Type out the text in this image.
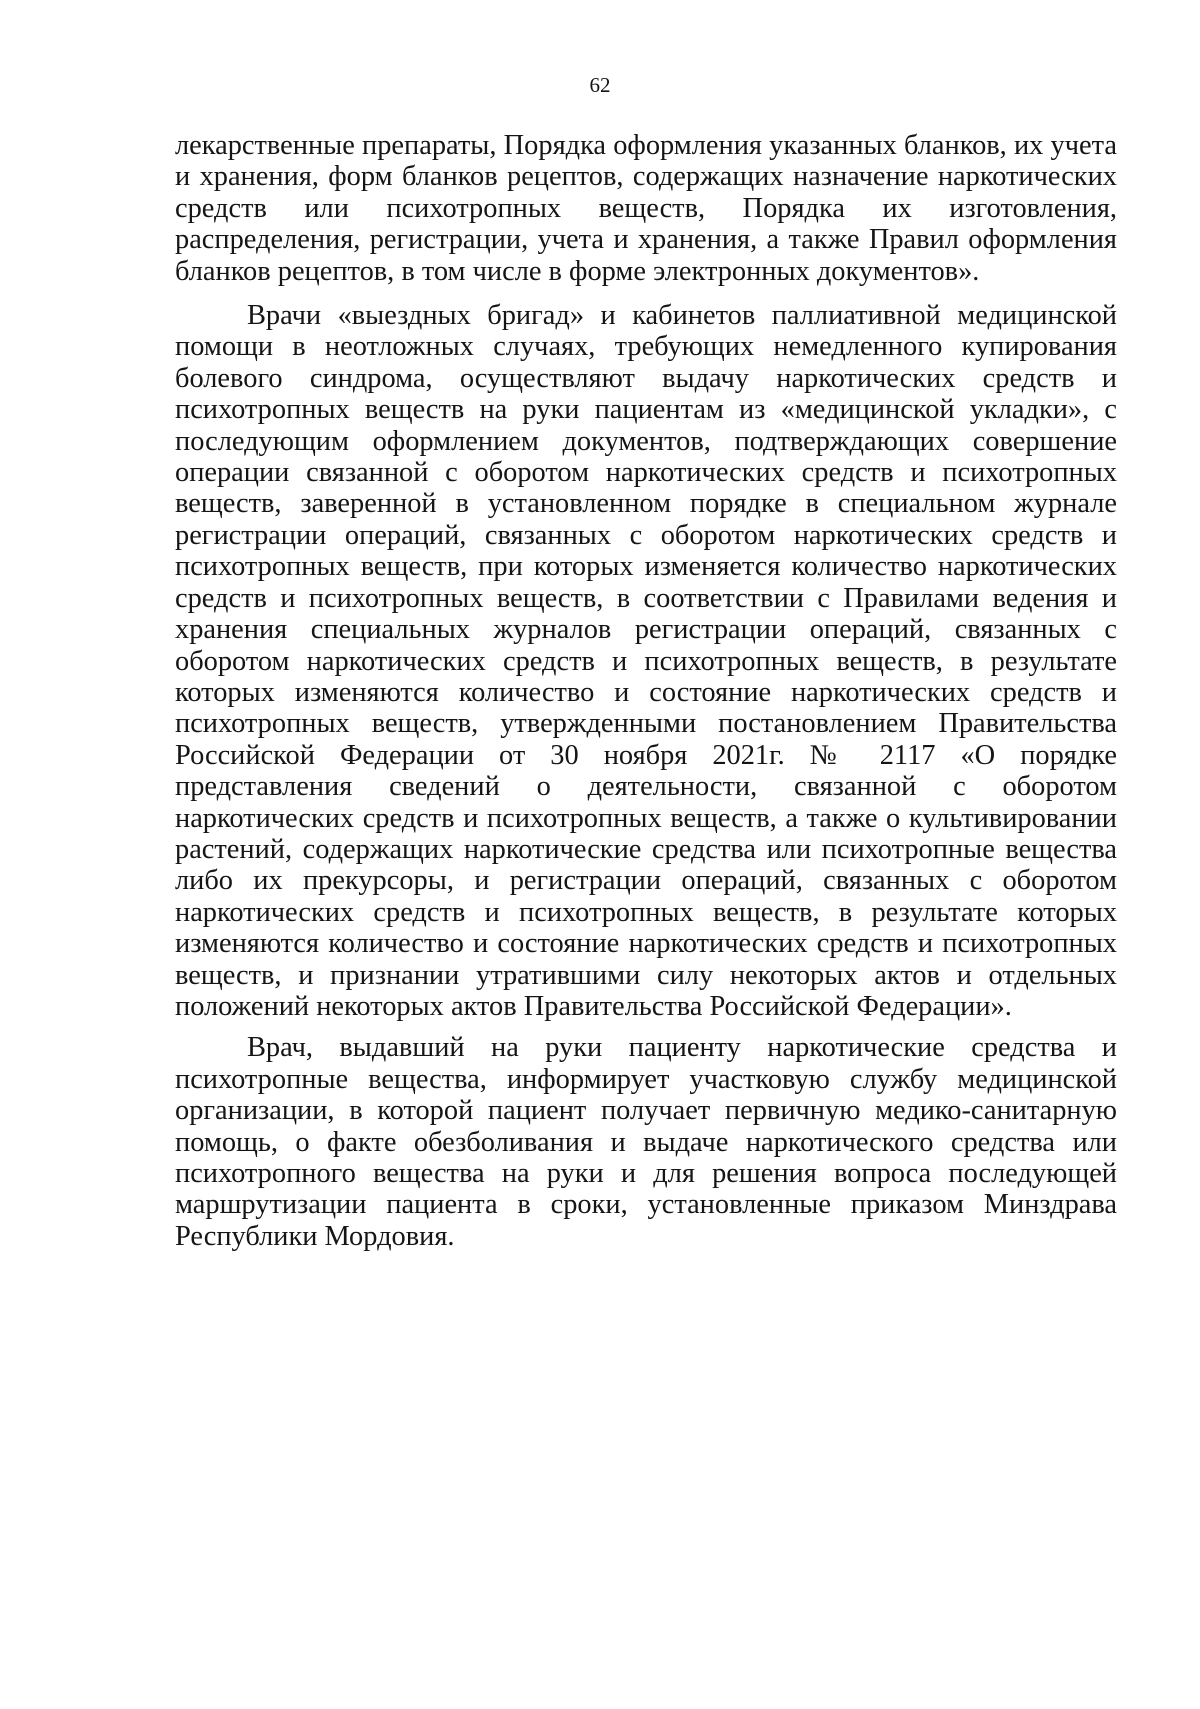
62

лекарственные препараты, Порядка оформления указанных бланков, их учета и хранения, форм бланков рецептов, содержащих назначение наркотических средств или психотропных веществ, Порядка их изготовления, распределения, регистрации, учета и хранения, а также Правил оформления бланков рецептов, в том числе в форме электронных документов».

Врачи «выездных бригад» и кабинетов паллиативной медицинской помощи в неотложных случаях, требующих немедленного купирования болевого синдрома, осуществляют выдачу наркотических средств и психотропных веществ на руки пациентам из «медицинской укладки», с последующим оформлением документов, подтверждающих совершение операции связанной с оборотом наркотических средств и психотропных веществ, заверенной в установленном порядке в специальном журнале регистрации операций, связанных с оборотом наркотических средств и психотропных веществ, при которых изменяется количество наркотических средств и психотропных веществ, в соответствии с Правилами ведения и хранения специальных журналов регистрации операций, связанных с оборотом наркотических средств и психотропных веществ, в результате которых изменяются количество и состояние наркотических средств и психотропных веществ, утвержденными постановлением Правительства Российской Федерации от 30 ноября 2021г. № 2117 «О порядке представления сведений о деятельности, связанной с оборотом наркотических средств и психотропных веществ, а также о культивировании растений, содержащих наркотические средства или психотропные вещества либо их прекурсоры, и регистрации операций, связанных с оборотом наркотических средств и психотропных веществ, в результате которых изменяются количество и состояние наркотических средств и психотропных веществ, и признании утратившими силу некоторых актов и отдельных положений некоторых актов Правительства Российской Федерации».

Врач, выдавший на руки пациенту наркотические средства и психотропные вещества, информирует участковую службу медицинской организации, в которой пациент получает первичную медико-санитарную помощь, о факте обезболивания и выдаче наркотического средства или психотропного вещества на руки и для решения вопроса последующей маршрутизации пациента в сроки, установленные приказом Минздрава Республики Мордовия.
